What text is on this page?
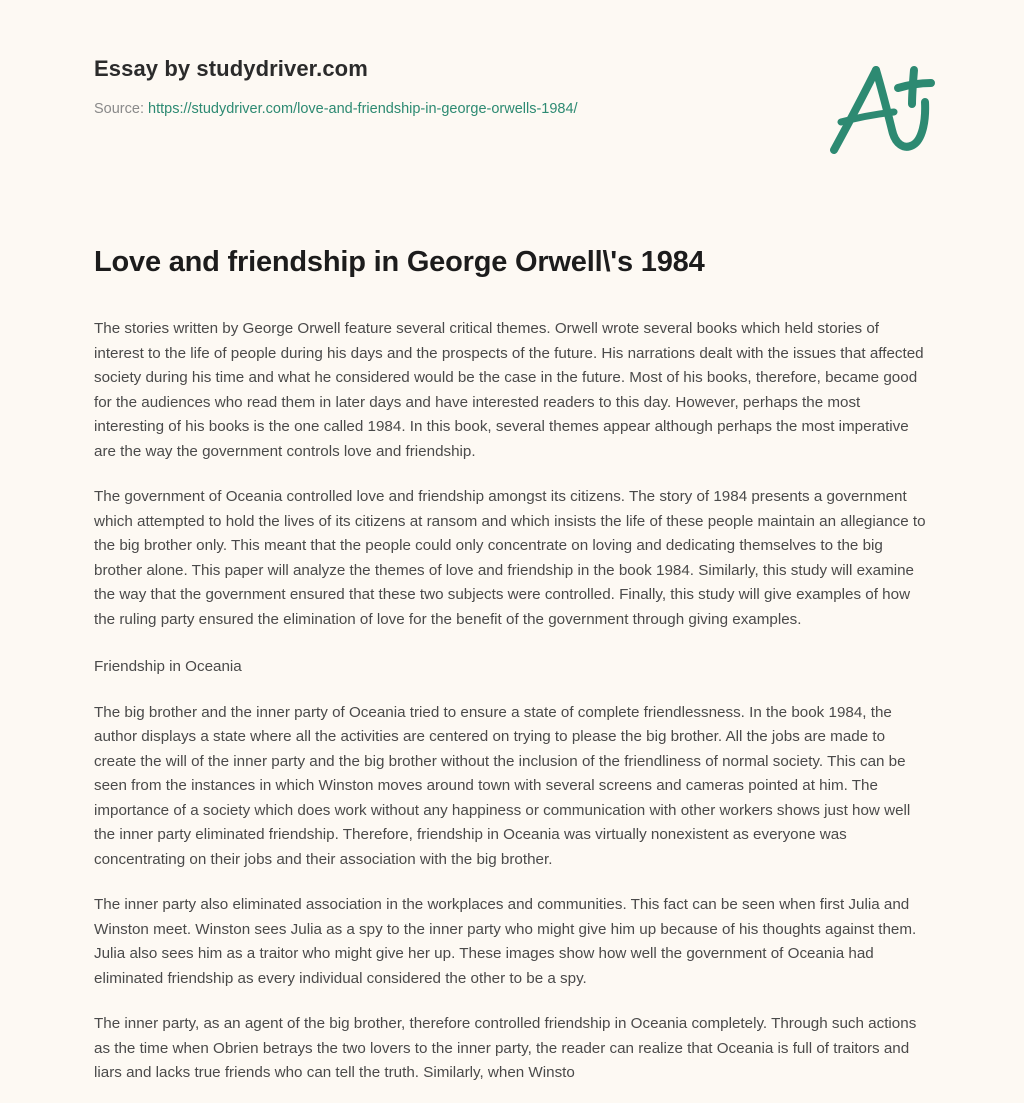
Essay by studydriver.com
Source: https://studydriver.com/love-and-friendship-in-george-orwells-1984/
Love and friendship in George Orwell\'s 1984

The stories written by George Orwell feature several critical themes. Orwell wrote several books which held stories of interest to the life of people during his days and the prospects of the future. His narrations dealt with the issues that affected society during his time and what he considered would be the case in the future. Most of his books, therefore, became good for the audiences who read them in later days and have interested readers to this day. However, perhaps the most interesting of his books is the one called 1984. In this book, several themes appear although perhaps the most imperative are the way the government controls love and friendship.

The government of Oceania controlled love and friendship amongst its citizens. The story of 1984 presents a government which attempted to hold the lives of its citizens at ransom and which insists the life of these people maintain an allegiance to the big brother only. This meant that the people could only concentrate on loving and dedicating themselves to the big brother alone. This paper will analyze the themes of love and friendship in the book 1984. Similarly, this study will examine the way that the government ensured that these two subjects were controlled. Finally, this study will give examples of how the ruling party ensured the elimination of love for the benefit of the government through giving examples.

Friendship in Oceania

The big brother and the inner party of Oceania tried to ensure a state of complete friendlessness. In the book 1984, the author displays a state where all the activities are centered on trying to please the big brother. All the jobs are made to create the will of the inner party and the big brother without the inclusion of the friendliness of normal society. This can be seen from the instances in which Winston moves around town with several screens and cameras pointed at him. The importance of a society which does work without any happiness or communication with other workers shows just how well the inner party eliminated friendship. Therefore, friendship in Oceania was virtually nonexistent as everyone was concentrating on their jobs and their association with the big brother.

The inner party also eliminated association in the workplaces and communities. This fact can be seen when first Julia and Winston meet. Winston sees Julia as a spy to the inner party who might give him up because of his thoughts against them. Julia also sees him as a traitor who might give her up. These images show how well the government of Oceania had eliminated friendship as every individual considered the other to be a spy.

The inner party, as an agent of the big brother, therefore controlled friendship in Oceania completely. Through such actions as the time when Obrien betrays the two lovers to the inner party, the reader can realize that Oceania is full of traitors and liars and lacks true friends who can tell the truth. Similarly, when Winsto
